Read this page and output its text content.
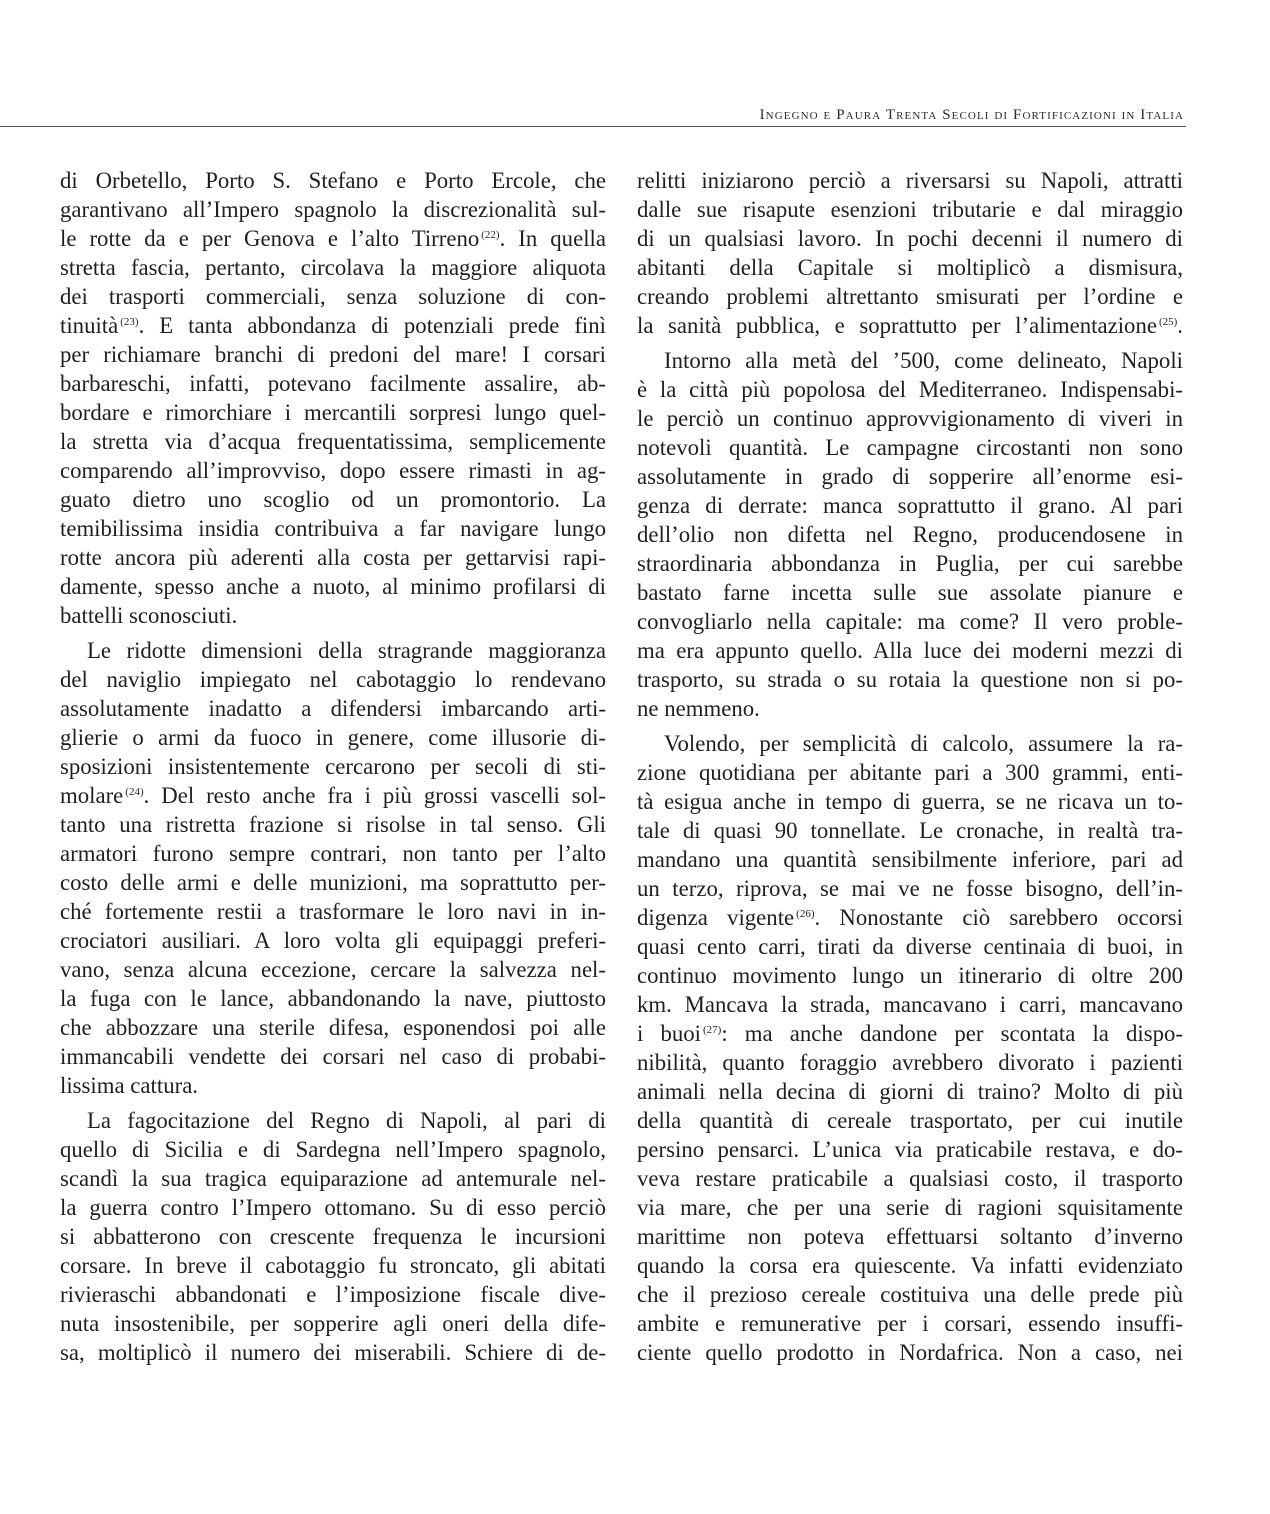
Ingegno e Paura Trenta Secoli di Fortificazioni in Italia

di Orbetello, Porto S. Stefano e Porto Ercole, che
garantivano all’Impero spagnolo la discrezionalità sul-
le rotte da e per Genova e l’alto Tirreno $^{(22)}$. In quella
stretta fascia, pertanto, circolava la maggiore aliquota
dei trasporti commerciali, senza soluzione di con-
tinuità $^{(23)}$. E tanta abbondanza di potenziali prede finì
per richiamare branchi di predoni del mare! I corsari
barbareschi, infatti, potevano facilmente assalire, ab-
bordare e rimorchiare i mercantili sorpresi lungo quel-
la stretta via d’acqua frequentatissima, semplicemente
comparendo all’improvviso, dopo essere rimasti in ag-
guato dietro uno scoglio od un promontorio. La
temibilissima insidia contribuiva a far navigare lungo
rotte ancora più aderenti alla costa per gettarvisi rapi-
damente, spesso anche a nuoto, al minimo profilarsi di
battelli sconosciuti.

Le ridotte dimensioni della stragrande maggioranza
del naviglio impiegato nel cabotaggio lo rendevano
assolutamente inadatto a difendersi imbarcando arti-
glierie o armi da fuoco in genere, come illusorie di-
sposizioni insistentemente cercarono per secoli di sti-
molare $^{(24)}$. Del resto anche fra i più grossi vascelli sol-
tanto una ristretta frazione si risolse in tal senso. Gli
armatori furono sempre contrari, non tanto per l’alto
costo delle armi e delle munizioni, ma soprattutto per-
ché fortemente restii a trasformare le loro navi in in-
crociatori ausiliari. A loro volta gli equipaggi preferi-
vano, senza alcuna eccezione, cercare la salvezza nel-
la fuga con le lance, abbandonando la nave, piuttosto
che abbozzare una sterile difesa, esponendosi poi alle
immancabili vendette dei corsari nel caso di probabi-
lissima cattura.

La fagocitazione del Regno di Napoli, al pari di
quello di Sicilia e di Sardegna nell’Impero spagnolo,
scandì la sua tragica equiparazione ad antemurale nel-
la guerra contro l’Impero ottomano. Su di esso perciò
si abbatterono con crescente frequenza le incursioni
corsare. In breve il cabotaggio fu stroncato, gli abitati
rivieraschi abbandonati e l’imposizione fiscale dive-
nuta insostenibile, per sopperire agli oneri della dife-
sa, moltiplicò il numero dei miserabili. Schiere di de-

relitti iniziarono perciò a riversarsi su Napoli, attratti
dalle sue risapute esenzioni tributarie e dal miraggio
di un qualsiasi lavoro. In pochi decenni il numero di
abitanti della Capitale si moltiplicò a dismisura,
creando problemi altrettanto smisurati per l’ordine e
la sanità pubblica, e soprattutto per l’alimentazione $^{(25)}$.

Intorno alla metà del ’500, come delineato, Napoli
è la città più popolosa del Mediterraneo. Indispensabi-
le perciò un continuo approvvigionamento di viveri in
notevoli quantità. Le campagne circostanti non sono
assolutamente in grado di sopperire all’enorme esi-
genza di derrate: manca soprattutto il grano. Al pari
dell’olio non difetta nel Regno, producendosene in
straordinaria abbondanza in Puglia, per cui sarebbe
bastato farne incetta sulle sue assolate pianure e
convogliarlo nella capitale: ma come? Il vero proble-
ma era appunto quello. Alla luce dei moderni mezzi di
trasporto, su strada o su rotaia la questione non si po-
ne nemmeno.

Volendo, per semplicità di calcolo, assumere la ra-
zione quotidiana per abitante pari a 300 grammi, enti-
tà esigua anche in tempo di guerra, se ne ricava un to-
tale di quasi 90 tonnellate. Le cronache, in realtà tra-
mandano una quantità sensibilmente inferiore, pari ad
un terzo, riprova, se mai ve ne fosse bisogno, dell’in-
digenza vigente $^{(26)}$. Nonostante ciò sarebbero occorsi
quasi cento carri, tirati da diverse centinaia di buoi, in
continuo movimento lungo un itinerario di oltre 200
km. Mancava la strada, mancavano i carri, mancavano
i buoi $^{(27)}$: ma anche dandone per scontata la dispo-
nibilità, quanto foraggio avrebbero divorato i pazienti
animali nella decina di giorni di traino? Molto di più
della quantità di cereale trasportato, per cui inutile
persino pensarci. L’unica via praticabile restava, e do-
veva restare praticabile a qualsiasi costo, il trasporto
via mare, che per una serie di ragioni squisitamente
marittime non poteva effettuarsi soltanto d’inverno
quando la corsa era quiescente. Va infatti evidenziato
che il prezioso cereale costituiva una delle prede più
ambite e remunerative per i corsari, essendo insuffi-
ciente quello prodotto in Nordafrica. Non a caso, nei
